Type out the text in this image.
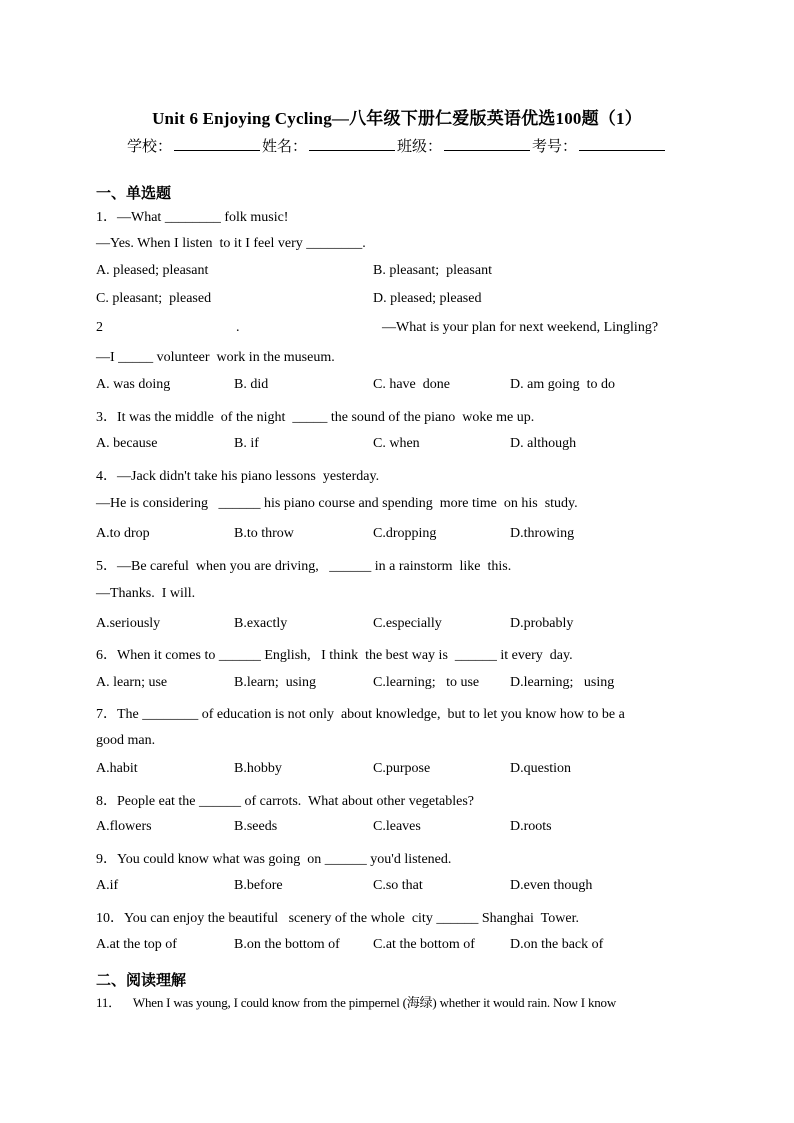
Unit 6 Enjoying Cycling—八年级下册仁爱版英语优选100题（1）
学校：	姓名：	班级：	考号：
一、单选题
1．—What ________ folk music!
—Yes. When I listen  to it I feel very ________.
A. pleased; pleasant	B. pleasant;  pleasant
C. pleasant;  pleased	D. pleased; pleased
2	.	—What is your plan for next weekend, Lingling?
—I _____ volunteer  work in the museum.
A. was doing	B. did	C. have  done	D. am going  to do
3．It was the middle  of the night  _____ the sound of the piano  woke me up.
A. because	B. if	C. when	D. although
4．—Jack didn't take his piano lessons  yesterday.
—He is considering   ______ his piano course and spending  more time  on his  study.
A.to drop	B.to throw	C.dropping	D.throwing
5．—Be careful  when you are driving,   ______ in a rainstorm  like  this.
—Thanks.  I will.
A.seriously	B.exactly	C.especially	D.probably
6．When it comes to ______ English,   I think  the best way is  ______ it every  day.
A. learn; use	B.learn;  using	C.learning;   to use D.learning;   using
7．The ________ of education is not only  about knowledge,  but to let you know how to be a
good man.
A.habit	B.hobby	C.purpose	D.question
8．People eat the ______ of carrots.  What about other vegetables?
A.flowers	B.seeds	C.leaves	D.roots
9．You could know what was going  on ______ you'd listened.
A.if	B.before	C.so that	D.even though
10．You can enjoy the beautiful   scenery of the whole  city ______ Shanghai  Tower.
A.at the top of	B.on the bottom of C.at the bottom of	D.on the back of
二、阅读理解
11．    When I was young, I could know from the pimpernel (海绿) whether it would rain. Now I know
